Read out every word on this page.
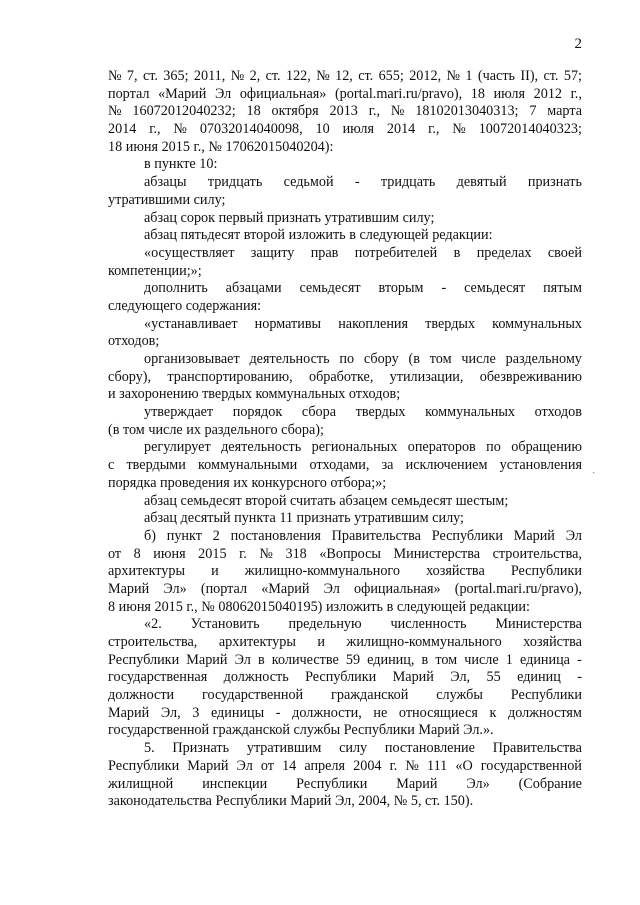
2
№ 7, ст. 365; 2011, № 2, ст. 122, № 12, ст. 655; 2012, № 1 (часть II), ст. 57;
портал «Марий Эл официальная» (portal.mari.ru/pravo), 18 июля 2012 г.,
№ 16072012040232; 18 октября 2013 г., № 18102013040313; 7 марта
2014 г., № 07032014040098, 10 июля 2014 г., № 10072014040323;
18 июня 2015 г., № 17062015040204):
в пункте 10:
абзацы тридцать седьмой - тридцать девятый признать
утратившими силу;
абзац сорок первый признать утратившим силу;
абзац пятьдесят второй изложить в следующей редакции:
«осуществляет защиту прав потребителей в пределах своей
компетенции;»;
дополнить абзацами семьдесят вторым - семьдесят пятым
следующего содержания:
«устанавливает нормативы накопления твердых коммунальных
отходов;
организовывает деятельность по сбору (в том числе раздельному
сбору), транспортированию, обработке, утилизации, обезвреживанию
и захоронению твердых коммунальных отходов;
утверждает порядок сбора твердых коммунальных отходов
(в том числе их раздельного сбора);
регулирует деятельность региональных операторов по обращению
с твердыми коммунальными отходами, за исключением установления
порядка проведения их конкурсного отбора;»;
абзац семьдесят второй считать абзацем семьдесят шестым;
абзац десятый пункта 11 признать утратившим силу;
б) пункт 2 постановления Правительства Республики Марий Эл
от 8 июня 2015 г. № 318 «Вопросы Министерства строительства,
архитектуры и жилищно-коммунального хозяйства Республики
Марий Эл» (портал «Марий Эл официальная» (portal.mari.ru/pravo),
8 июня 2015 г., № 08062015040195) изложить в следующей редакции:
«2. Установить предельную численность Министерства
строительства, архитектуры и жилищно-коммунального хозяйства
Республики Марий Эл в количестве 59 единиц, в том числе 1 единица -
государственная должность Республики Марий Эл, 55 единиц -
должности государственной гражданской службы Республики
Марий Эл, 3 единицы - должности, не относящиеся к должностям
государственной гражданской службы Республики Марий Эл.».
5. Признать утратившим силу постановление Правительства
Республики Марий Эл от 14 апреля 2004 г. № 111 «О государственной
жилищной инспекции Республики Марий Эл» (Собрание
законодательства Республики Марий Эл, 2004, № 5, ст. 150).
ˎ
